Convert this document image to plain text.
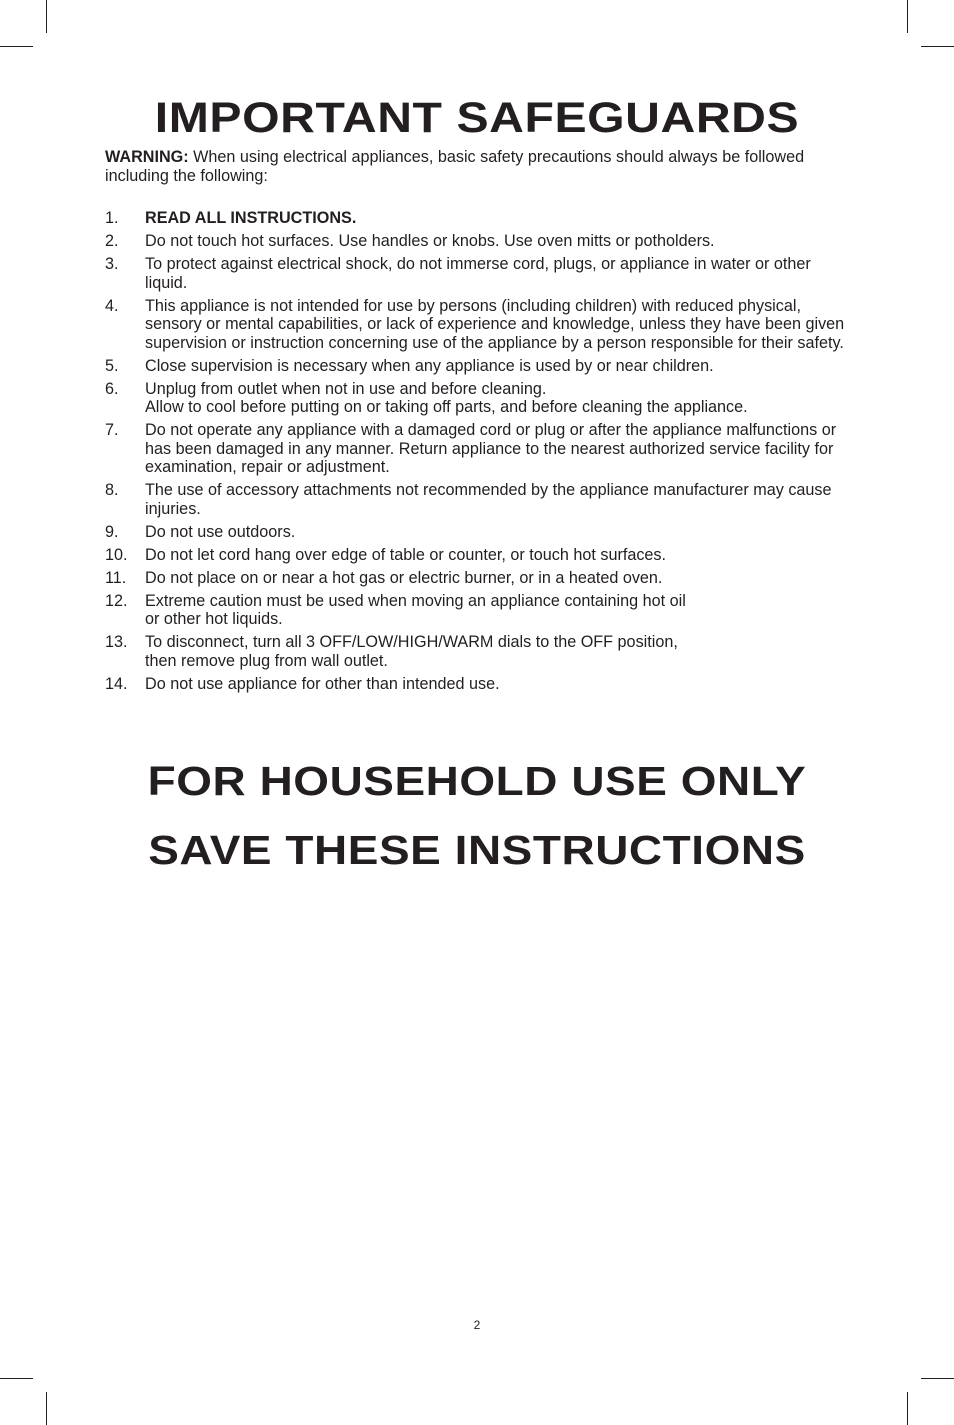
IMPORTANT SAFEGUARDS

WARNING: When using electrical appliances, basic safety precautions should always be followed including the following:

1. READ ALL INSTRUCTIONS.
2. Do not touch hot surfaces. Use handles or knobs. Use oven mitts or potholders.
3. To protect against electrical shock, do not immerse cord, plugs, or appliance in water or other liquid.
4. This appliance is not intended for use by persons (including children) with reduced physical, sensory or mental capabilities, or lack of experience and knowledge, unless they have been given supervision or instruction concerning use of the appliance by a person responsible for their safety.
5. Close supervision is necessary when any appliance is used by or near children.
6. Unplug from outlet when not in use and before cleaning.
Allow to cool before putting on or taking off parts, and before cleaning the appliance.
7. Do not operate any appliance with a damaged cord or plug or after the appliance malfunctions or has been damaged in any manner. Return appliance to the nearest authorized service facility for examination, repair or adjustment.
8. The use of accessory attachments not recommended by the appliance manufacturer may cause injuries.
9. Do not use outdoors.
10. Do not let cord hang over edge of table or counter, or touch hot surfaces.
11. Do not place on or near a hot gas or electric burner, or in a heated oven.
12. Extreme caution must be used when moving an appliance containing hot oil
or other hot liquids.
13. To disconnect, turn all 3 OFF/LOW/HIGH/WARM dials to the OFF position,
then remove plug from wall outlet.
14. Do not use appliance for other than intended use.

FOR HOUSEHOLD USE ONLY

SAVE THESE INSTRUCTIONS

2
